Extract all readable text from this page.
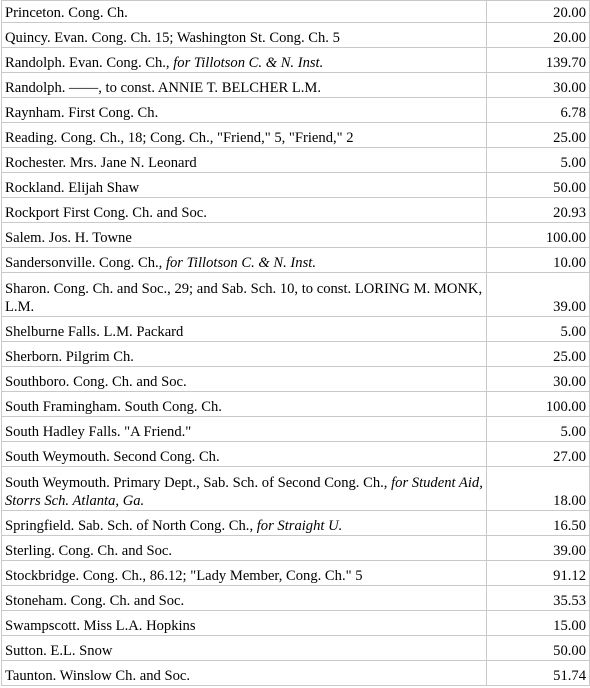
Princeton. Cong. Ch.	20.00
Quincy. Evan. Cong. Ch. 15; Washington St. Cong. Ch. 5	20.00
Randolph. Evan. Cong. Ch., for Tillotson C. & N. Inst.	139.70
Randolph. ——, to const. ANNIE T. BELCHER L.M.	30.00
Raynham. First Cong. Ch.	6.78
Reading. Cong. Ch., 18; Cong. Ch., "Friend," 5, "Friend," 2	25.00
Rochester. Mrs. Jane N. Leonard	5.00
Rockland. Elijah Shaw	50.00
Rockport First Cong. Ch. and Soc.	20.93
Salem. Jos. H. Towne	100.00
Sandersonville. Cong. Ch., for Tillotson C. & N. Inst.	10.00

Sharon. Cong. Ch. and Soc., 29; and Sab. Sch. 10, to const. LORING M. MONK, L.M.	39.00
Shelburne Falls. L.M. Packard	5.00
Sherborn. Pilgrim Ch.	25.00
Southboro. Cong. Ch. and Soc.	30.00
South Framingham. South Cong. Ch.	100.00
South Hadley Falls. "A Friend."	5.00
South Weymouth. Second Cong. Ch.	27.00
South Weymouth. Primary Dept., Sab. Sch. of Second Cong. Ch., for Student Aid, Storrs Sch. Atlanta, Ga.	18.00
Springfield. Sab. Sch. of North Cong. Ch., for Straight U.	16.50
Sterling. Cong. Ch. and Soc.	39.00
Stockbridge. Cong. Ch., 86.12; "Lady Member, Cong. Ch." 5	91.12
Stoneham. Cong. Ch. and Soc.	35.53
Swampscott. Miss L.A. Hopkins	15.00
Sutton. E.L. Snow	50.00
Taunton. Winslow Ch. and Soc.	51.74
